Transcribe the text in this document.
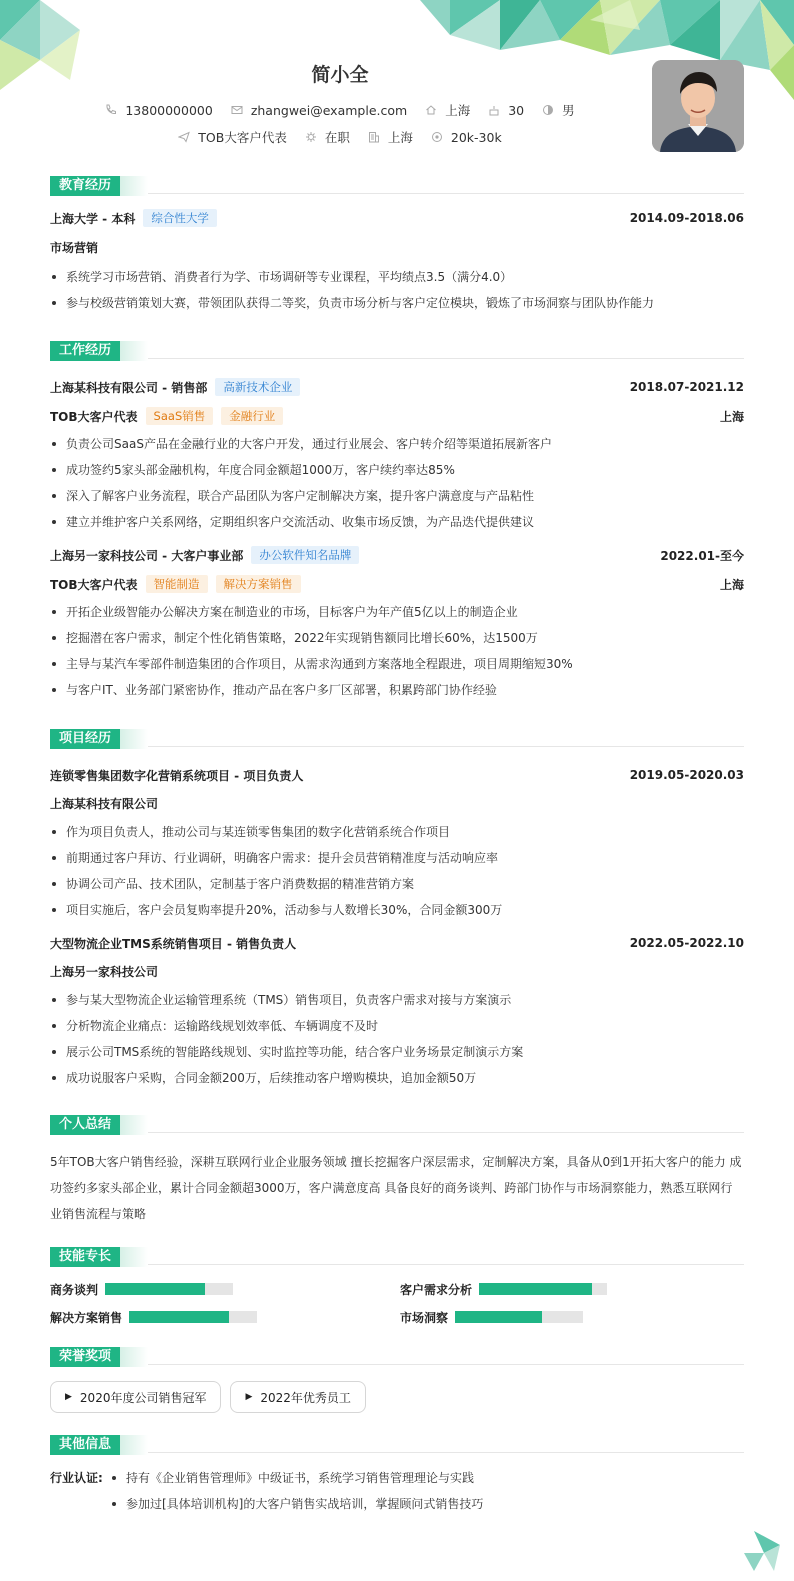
简小全
13800000000	zhangwei@example.com	上海	30	男
TOB大客户代表	在职	上海	20k-30k
教育经历
上海大学 - 本科	综合性大学	2014.09-2018.06
市场营销
系统学习市场营销、消费者行为学、市场调研等专业课程，平均绩点3.5（满分4.0）
参与校级营销策划大赛，带领团队获得二等奖，负责市场分析与客户定位模块，锻炼了市场洞察与团队协作能力
工作经历
上海某科技有限公司 - 销售部	高新技术企业	2018.07-2021.12
TOB大客户代表	SaaS销售	金融行业	上海
负责公司SaaS产品在金融行业的大客户开发，通过行业展会、客户转介绍等渠道拓展新客户
成功签约5家头部金融机构，年度合同金额超1000万，客户续约率达85%
深入了解客户业务流程，联合产品团队为客户定制解决方案，提升客户满意度与产品粘性
建立并维护客户关系网络，定期组织客户交流活动、收集市场反馈，为产品迭代提供建议
上海另一家科技公司 - 大客户事业部	办公软件知名品牌	2022.01-至今
TOB大客户代表	智能制造	解决方案销售	上海
开拓企业级智能办公解决方案在制造业的市场，目标客户为年产值5亿以上的制造企业
挖掘潜在客户需求，制定个性化销售策略，2022年实现销售额同比增长60%，达1500万
主导与某汽车零部件制造集团的合作项目，从需求沟通到方案落地全程跟进，项目周期缩短30%
与客户IT、业务部门紧密协作，推动产品在客户多厂区部署，积累跨部门协作经验
项目经历
连锁零售集团数字化营销系统项目 - 项目负责人	2019.05-2020.03
上海某科技有限公司
作为项目负责人，推动公司与某连锁零售集团的数字化营销系统合作项目
前期通过客户拜访、行业调研，明确客户需求：提升会员营销精准度与活动响应率
协调公司产品、技术团队，定制基于客户消费数据的精准营销方案
项目实施后，客户会员复购率提升20%，活动参与人数增长30%，合同金额300万
大型物流企业TMS系统销售项目 - 销售负责人	2022.05-2022.10
上海另一家科技公司
参与某大型物流企业运输管理系统（TMS）销售项目，负责客户需求对接与方案演示
分析物流企业痛点：运输路线规划效率低、车辆调度不及时
展示公司TMS系统的智能路线规划、实时监控等功能，结合客户业务场景定制演示方案
成功说服客户采购，合同金额200万，后续推动客户增购模块，追加金额50万
个人总结

5年TOB大客户销售经验，深耕互联网行业企业服务领域 擅长挖掘客户深层需求，定制解决方案，具备从0到1开拓大客户的能力 成功签约多家头部企业，累计合同金额超3000万，客户满意度高 具备良好的商务谈判、跨部门协作与市场洞察能力，熟悉互联网行业销售流程与策略

技能专长
商务谈判	客户需求分析
解决方案销售	市场洞察
荣誉奖项
▶ 2020年度公司销售冠军	▶ 2022年优秀员工
其他信息
行业认证:	持有《企业销售管理师》中级证书，系统学习销售管理理论与实践
参加过[具体培训机构]的大客户销售实战培训，掌握顾问式销售技巧
